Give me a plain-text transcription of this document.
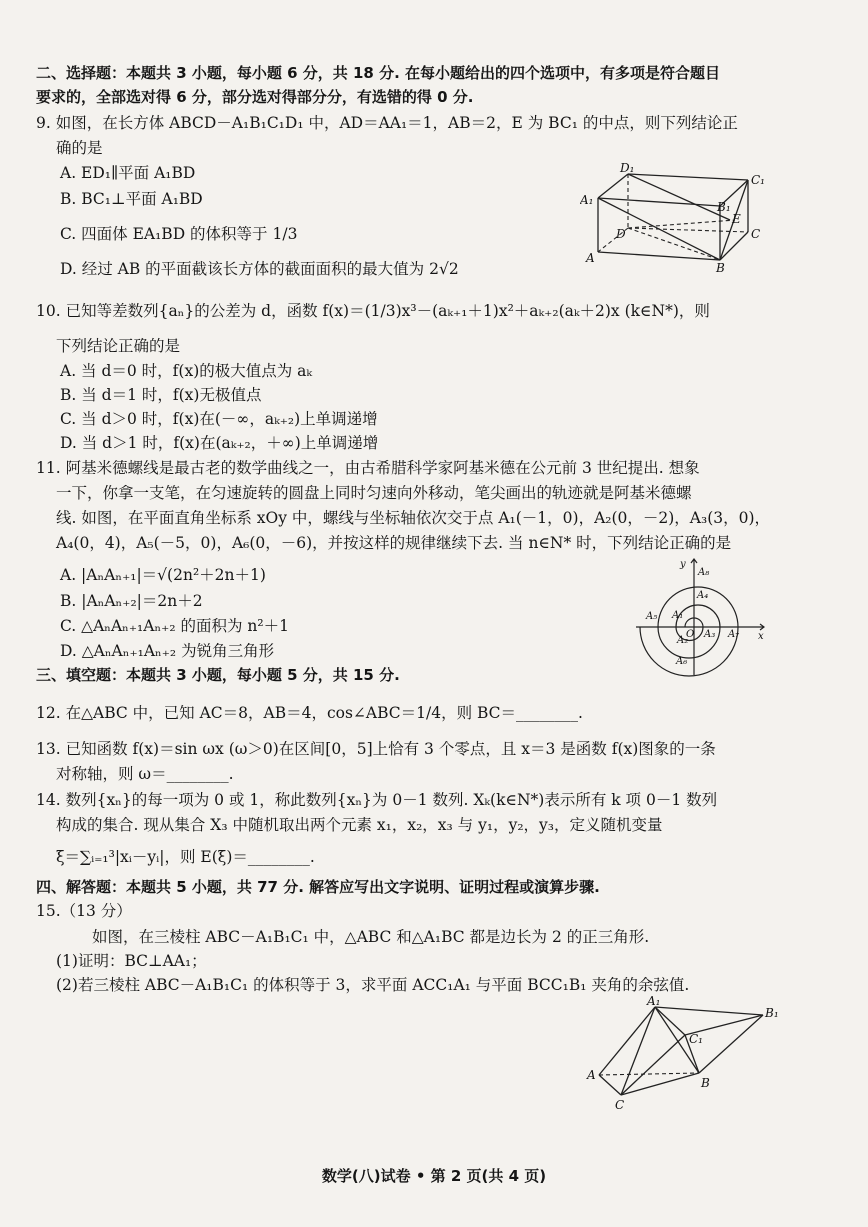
二、选择题：本题共 3 小题，每小题 6 分，共 18 分. 在每小题给出的四个选项中，有多项是符合题目
要求的，全部选对得 6 分，部分选对得部分分，有选错的得 0 分.
9. 如图，在长方体 ABCD－A₁B₁C₁D₁ 中，AD＝AA₁＝1，AB＝2，E 为 BC₁ 的中点，则下列结论正
确的是
A. ED₁∥平面 A₁BD
B. BC₁⊥平面 A₁BD
C. 四面体 EA₁BD 的体积等于 1/3
D. 经过 AB 的平面截该长方体的截面面积的最大值为 2√2
D₁
C₁
A₁	B₁
E
D	C
A
B
10. 已知等差数列{aₙ}的公差为 d，函数 f(x)＝(1/3)x³－(aₖ₊₁＋1)x²＋aₖ₊₂(aₖ＋2)x (k∈N*)，则
下列结论正确的是
A. 当 d＝0 时，f(x)的极大值点为 aₖ
B. 当 d＝1 时，f(x)无极值点
C. 当 d＞0 时，f(x)在(－∞，aₖ₊₂)上单调递增
D. 当 d＞1 时，f(x)在(aₖ₊₂，＋∞)上单调递增
11. 阿基米德螺线是最古老的数学曲线之一，由古希腊科学家阿基米德在公元前 3 世纪提出. 想象
一下，你拿一支笔，在匀速旋转的圆盘上同时匀速向外移动，笔尖画出的轨迹就是阿基米德螺
线. 如图，在平面直角坐标系 xOy 中，螺线与坐标轴依次交于点 A₁(－1，0)，A₂(0，－2)，A₃(3，0)，
A₄(0，4)，A₅(－5，0)，A₆(0，－6)，并按这样的规律继续下去. 当 n∈N* 时，下列结论正确的是
A. |AₙAₙ₊₁|＝√(2n²＋2n＋1)
B. |AₙAₙ₊₂|＝2n＋2
C. △AₙAₙ₊₁Aₙ₊₂ 的面积为 n²＋1
D. △AₙAₙ₊₁Aₙ₊₂ 为锐角三角形
y
x
O
A₁
A₂
A₃
A₄
A₅
A₆
A₇
A₈
三、填空题：本题共 3 小题，每小题 5 分，共 15 分.
12. 在△ABC 中，已知 AC＝8，AB＝4，cos∠ABC＝1/4，则 BC＝________.
13. 已知函数 f(x)＝sin ωx (ω＞0)在区间[0，5]上恰有 3 个零点，且 x＝3 是函数 f(x)图象的一条
对称轴，则 ω＝________.
14. 数列{xₙ}的每一项为 0 或 1，称此数列{xₙ}为 0－1 数列. Xₖ(k∈N*)表示所有 k 项 0－1 数列
构成的集合. 现从集合 X₃ 中随机取出两个元素 x₁，x₂，x₃ 与 y₁，y₂，y₃，定义随机变量
ξ＝∑ᵢ₌₁³|xᵢ－yᵢ|，则 E(ξ)＝________.
四、解答题：本题共 5 小题，共 77 分. 解答应写出文字说明、证明过程或演算步骤.
15.（13 分）
如图，在三棱柱 ABC－A₁B₁C₁ 中，△ABC 和△A₁BC 都是边长为 2 的正三角形.
(1)证明：BC⊥AA₁；
(2)若三棱柱 ABC－A₁B₁C₁ 的体积等于 3，求平面 ACC₁A₁ 与平面 BCC₁B₁ 夹角的余弦值.
A₁
B₁
C₁
A
B
C
数学(八)试卷 • 第 2 页(共 4 页)
